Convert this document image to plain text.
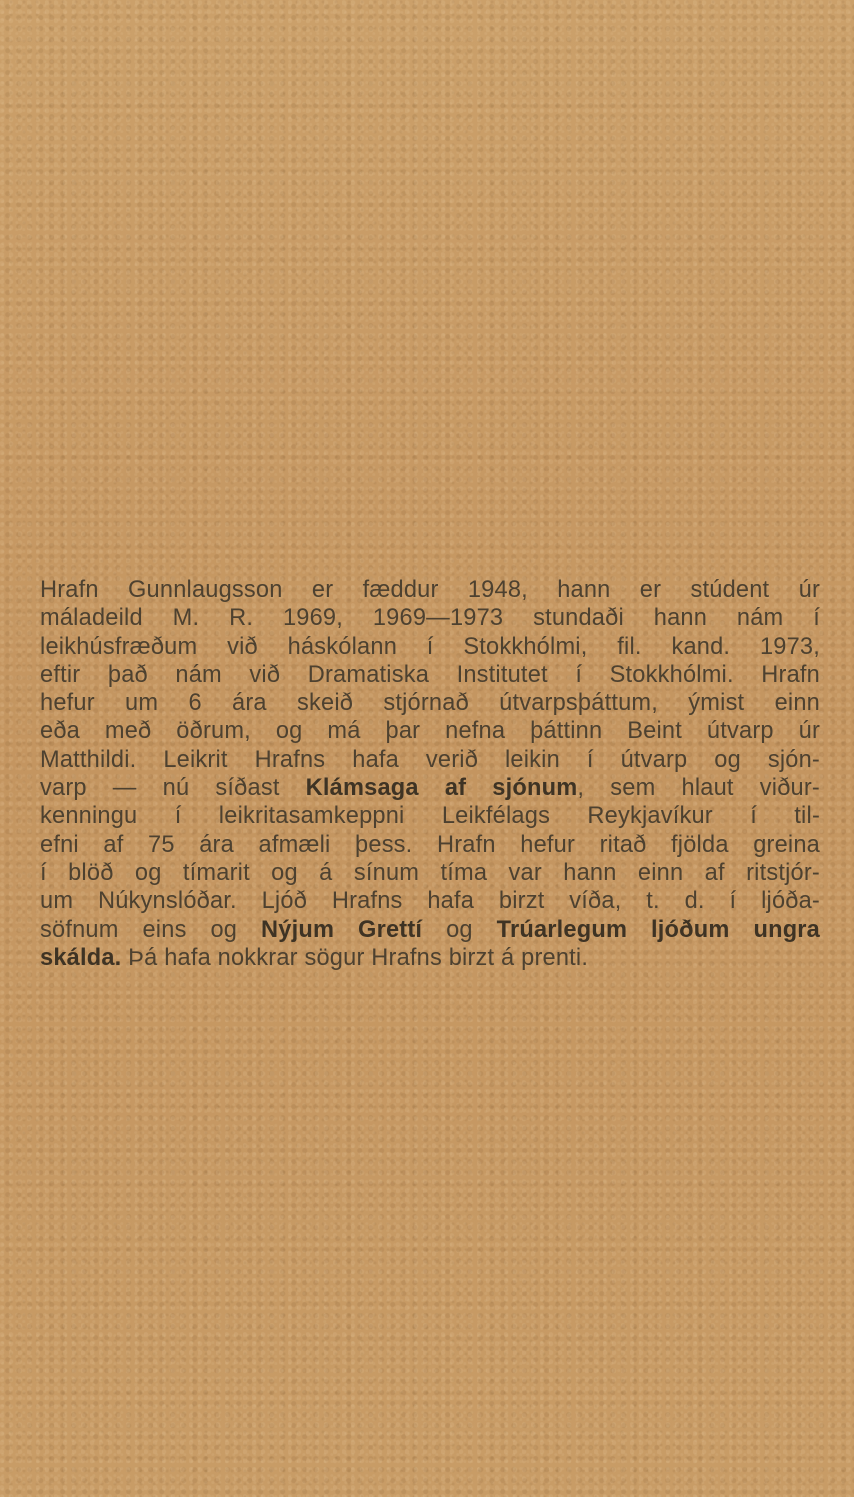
Hrafn Gunnlaugsson er fæddur 1948, hann er stúdent úr
máladeild M. R. 1969, 1969—1973 stundaði hann nám í
leikhúsfræðum við háskólann í Stokkhólmi, fil. kand. 1973,
eftir það nám við Dramatiska Institutet í Stokkhólmi. Hrafn
hefur um 6 ára skeið stjórnað útvarpsþáttum, ýmist einn
eða með öðrum, og má þar nefna þáttinn Beint útvarp úr
Matthildi. Leikrit Hrafns hafa verið leikin í útvarp og sjón-
varp — nú síðast Klámsaga af sjónum, sem hlaut viður-
kenningu í leikritasamkeppni Leikfélags Reykjavíkur í til-
efni af 75 ára afmæli þess. Hrafn hefur ritað fjölda greina
í blöð og tímarit og á sínum tíma var hann einn af ritstjór-
um Núkynslóðar. Ljóð Hrafns hafa birzt víða, t. d. í ljóða-
söfnum eins og Nýjum Grettí og Trúarlegum ljóðum ungra
skálda. Þá hafa nokkrar sögur Hrafns birzt á prenti.
